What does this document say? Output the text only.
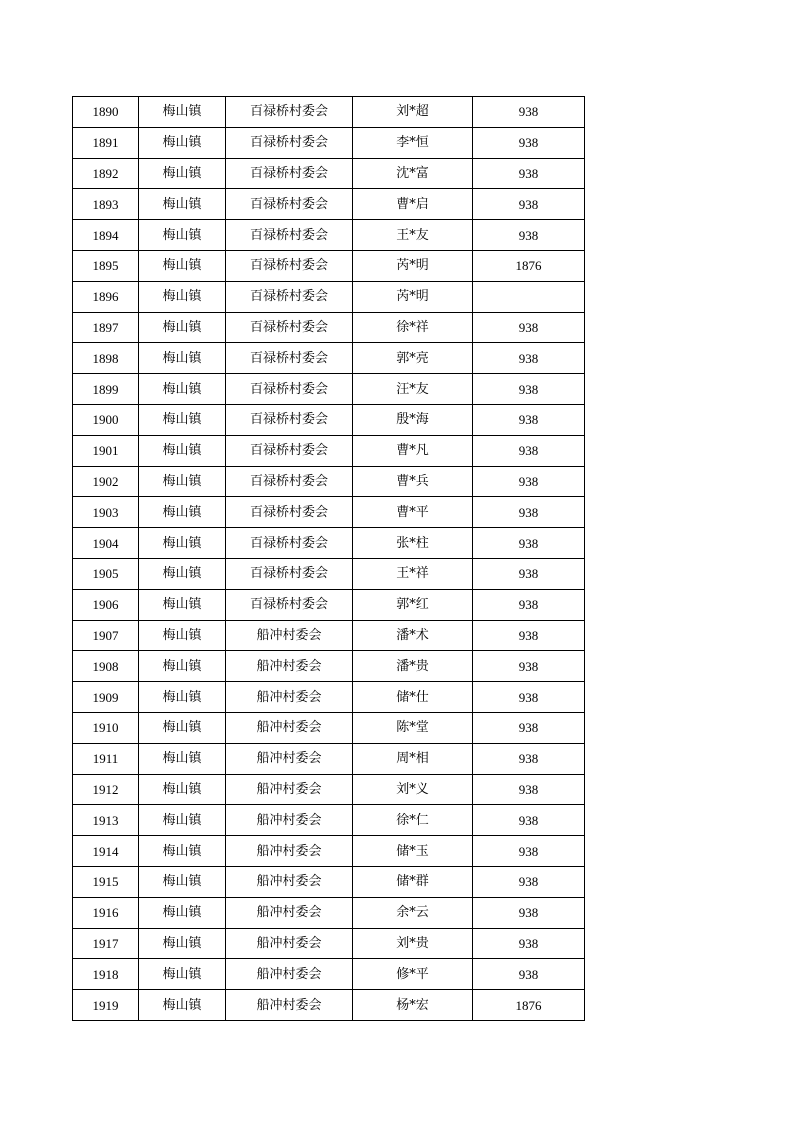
1890	梅山镇	百禄桥村委会	刘*超	938
1891	梅山镇	百禄桥村委会	李*恒	938
1892	梅山镇	百禄桥村委会	沈*富	938
1893	梅山镇	百禄桥村委会	曹*启	938
1894	梅山镇	百禄桥村委会	王*友	938
1895	梅山镇	百禄桥村委会	芮*明	1876
1896	梅山镇	百禄桥村委会	芮*明	
1897	梅山镇	百禄桥村委会	徐*祥	938
1898	梅山镇	百禄桥村委会	郭*亮	938
1899	梅山镇	百禄桥村委会	汪*友	938
1900	梅山镇	百禄桥村委会	殷*海	938
1901	梅山镇	百禄桥村委会	曹*凡	938
1902	梅山镇	百禄桥村委会	曹*兵	938
1903	梅山镇	百禄桥村委会	曹*平	938
1904	梅山镇	百禄桥村委会	张*柱	938
1905	梅山镇	百禄桥村委会	王*祥	938
1906	梅山镇	百禄桥村委会	郭*红	938
1907	梅山镇	船冲村委会	潘*术	938
1908	梅山镇	船冲村委会	潘*贵	938
1909	梅山镇	船冲村委会	储*仕	938
1910	梅山镇	船冲村委会	陈*堂	938
1911	梅山镇	船冲村委会	周*相	938
1912	梅山镇	船冲村委会	刘*义	938
1913	梅山镇	船冲村委会	徐*仁	938
1914	梅山镇	船冲村委会	储*玉	938
1915	梅山镇	船冲村委会	储*群	938
1916	梅山镇	船冲村委会	余*云	938
1917	梅山镇	船冲村委会	刘*贵	938
1918	梅山镇	船冲村委会	修*平	938
1919	梅山镇	船冲村委会	杨*宏	1876
